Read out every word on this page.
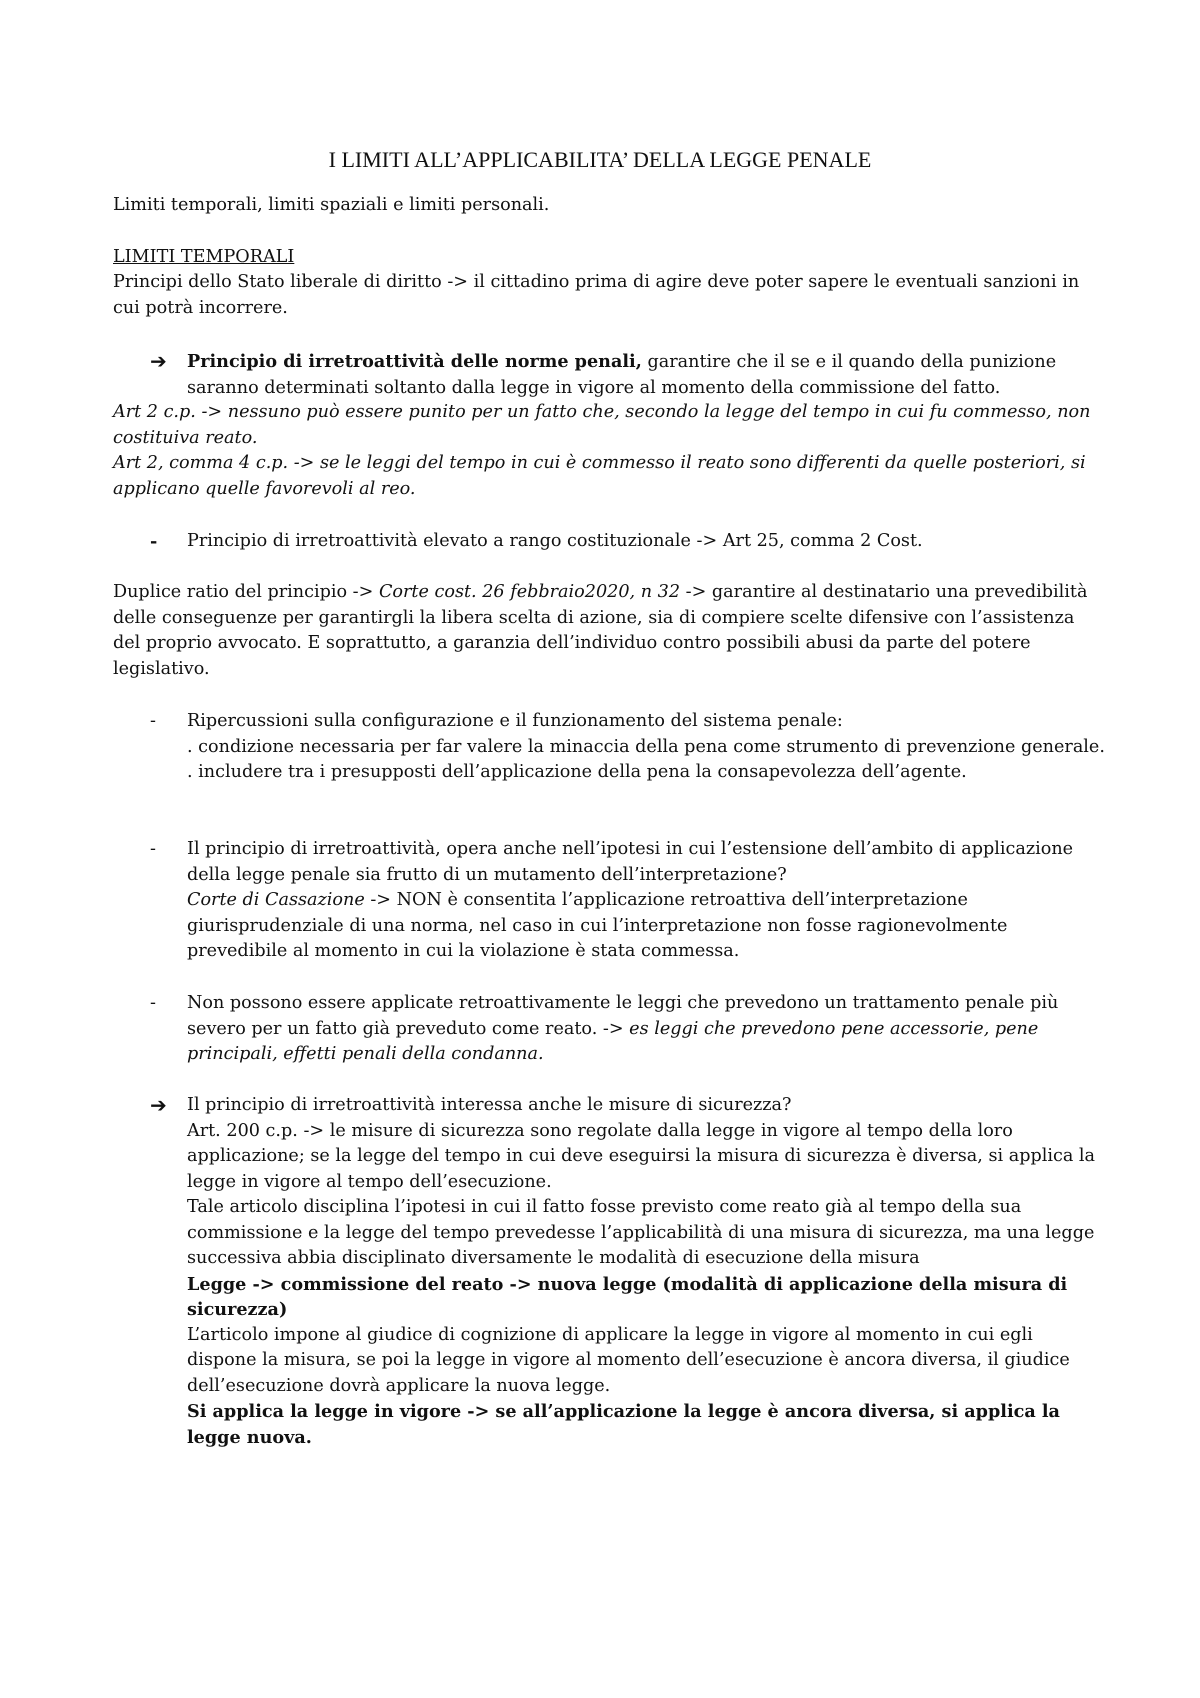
I LIMITI ALL’APPLICABILITA’ DELLA LEGGE PENALE
Limiti temporali, limiti spaziali e limiti personali.
LIMITI TEMPORALI
Principi dello Stato liberale di diritto -> il cittadino prima di agire deve poter sapere le eventuali sanzioni in cui potrà incorrere.
➔	Principio di irretroattività delle norme penali, garantire che il se e il quando della punizione saranno determinati soltanto dalla legge in vigore al momento della commissione del fatto.
Art 2 c.p. -> nessuno può essere punito per un fatto che, secondo la legge del tempo in cui fu commesso, non costituiva reato.
Art 2, comma 4 c.p. -> se le leggi del tempo in cui è commesso il reato sono differenti da quelle posteriori, si applicano quelle favorevoli al reo.
-	Principio di irretroattività elevato a rango costituzionale -> Art 25, comma 2 Cost.
Duplice ratio del principio -> Corte cost. 26 febbraio2020, n 32 -> garantire al destinatario una prevedibilità delle conseguenze per garantirgli la libera scelta di azione, sia di compiere scelte difensive con l’assistenza del proprio avvocato. E soprattutto, a garanzia dell’individuo contro possibili abusi da parte del potere legislativo.
-	Ripercussioni sulla configurazione e il funzionamento del sistema penale:
. condizione necessaria per far valere la minaccia della pena come strumento di prevenzione generale.
. includere tra i presupposti dell’applicazione della pena la consapevolezza dell’agente.
-	Il principio di irretroattività, opera anche nell’ipotesi in cui l’estensione dell’ambito di applicazione della legge penale sia frutto di un mutamento dell’interpretazione?
Corte di Cassazione -> NON è consentita l’applicazione retroattiva dell’interpretazione giurisprudenziale di una norma, nel caso in cui l’interpretazione non fosse ragionevolmente prevedibile al momento in cui la violazione è stata commessa.
-	Non possono essere applicate retroattivamente le leggi che prevedono un trattamento penale più severo per un fatto già preveduto come reato. -> es leggi che prevedono pene accessorie, pene principali, effetti penali della condanna.
➔	Il principio di irretroattività interessa anche le misure di sicurezza?
Art. 200 c.p. -> le misure di sicurezza sono regolate dalla legge in vigore al tempo della loro applicazione; se la legge del tempo in cui deve eseguirsi la misura di sicurezza è diversa, si applica la legge in vigore al tempo dell’esecuzione.
Tale articolo disciplina l’ipotesi in cui il fatto fosse previsto come reato già al tempo della sua commissione e la legge del tempo prevedesse l’applicabilità di una misura di sicurezza, ma una legge successiva abbia disciplinato diversamente le modalità di esecuzione della misura
Legge -> commissione del reato -> nuova legge (modalità di applicazione della misura di sicurezza)
L’articolo impone al giudice di cognizione di applicare la legge in vigore al momento in cui egli dispone la misura, se poi la legge in vigore al momento dell’esecuzione è ancora diversa, il giudice dell’esecuzione dovrà applicare la nuova legge.
Si applica la legge in vigore -> se all’applicazione la legge è ancora diversa, si applica la legge nuova.
